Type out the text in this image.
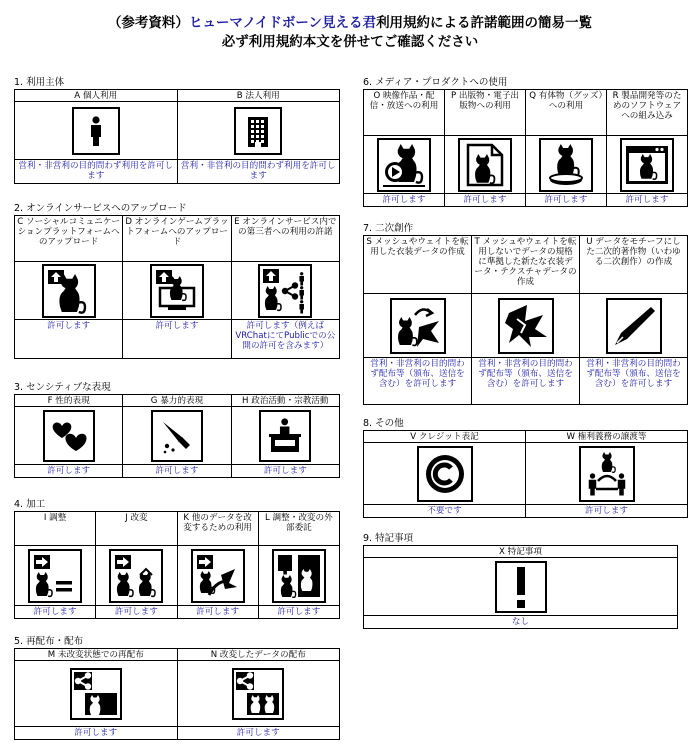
（参考資料）ヒューマノイドボーン見える君利用規約による許諾範囲の簡易一覧
必ず利用規約本文を併せてご確認ください
1. 利用主体
A 個人利用
営利・非営利の目的問わず利用を許可します
B 法人利用
営利・非営利の目的問わず利用を許可します
2. オンラインサービスへのアップロード
C ソーシャルコミュニケーションプラットフォームへのアップロード
許可します
D オンラインゲームプラットフォームへのアップロード
許可します
E オンラインサービス内での第三者への利用の許諾
許可します（例えばVRChatにてPublicでの公開の許可を含みます）
3. センシティブな表現
F 性的表現
許可します
G 暴力的表現
許可します
H 政治活動・宗教活動
許可します
4. 加工
I 調整
許可します
J 改変
許可します
K 他のデータを改変するための利用
許可します
L 調整・改変の外部委託
許可します
5. 再配布・配布
M 未改変状態での再配布
許可します
N 改変したデータの配布
許可します
6. メディア・プロダクトへの使用
O 映像作品・配信・放送への利用
許可します
P 出版物・電子出版物への利用
許可します
Q 有体物（グッズ）への利用
許可します
R 製品開発等のためのソフトウェアへの組み込み
許可します
7. 二次創作
S メッシュやウェイトを転用した衣装データの作成
営利・非営利の目的問わず配布等（頒布、送信を含む）を許可します
T メッシュやウェイトを転用しないでデータの規格に準拠した新たな衣装データ・テクスチャデータの作成
営利・非営利の目的問わず配布等（頒布、送信を含む）を許可します
U データをモチーフにした二次的著作物（いわゆる二次創作）の作成
営利・非営利の目的問わず配布等（頒布、送信を含む）を許可します
8. その他
V クレジット表記
不要です
W 権利義務の譲渡等
許可します
9. 特記事項
X 特記事項
なし
